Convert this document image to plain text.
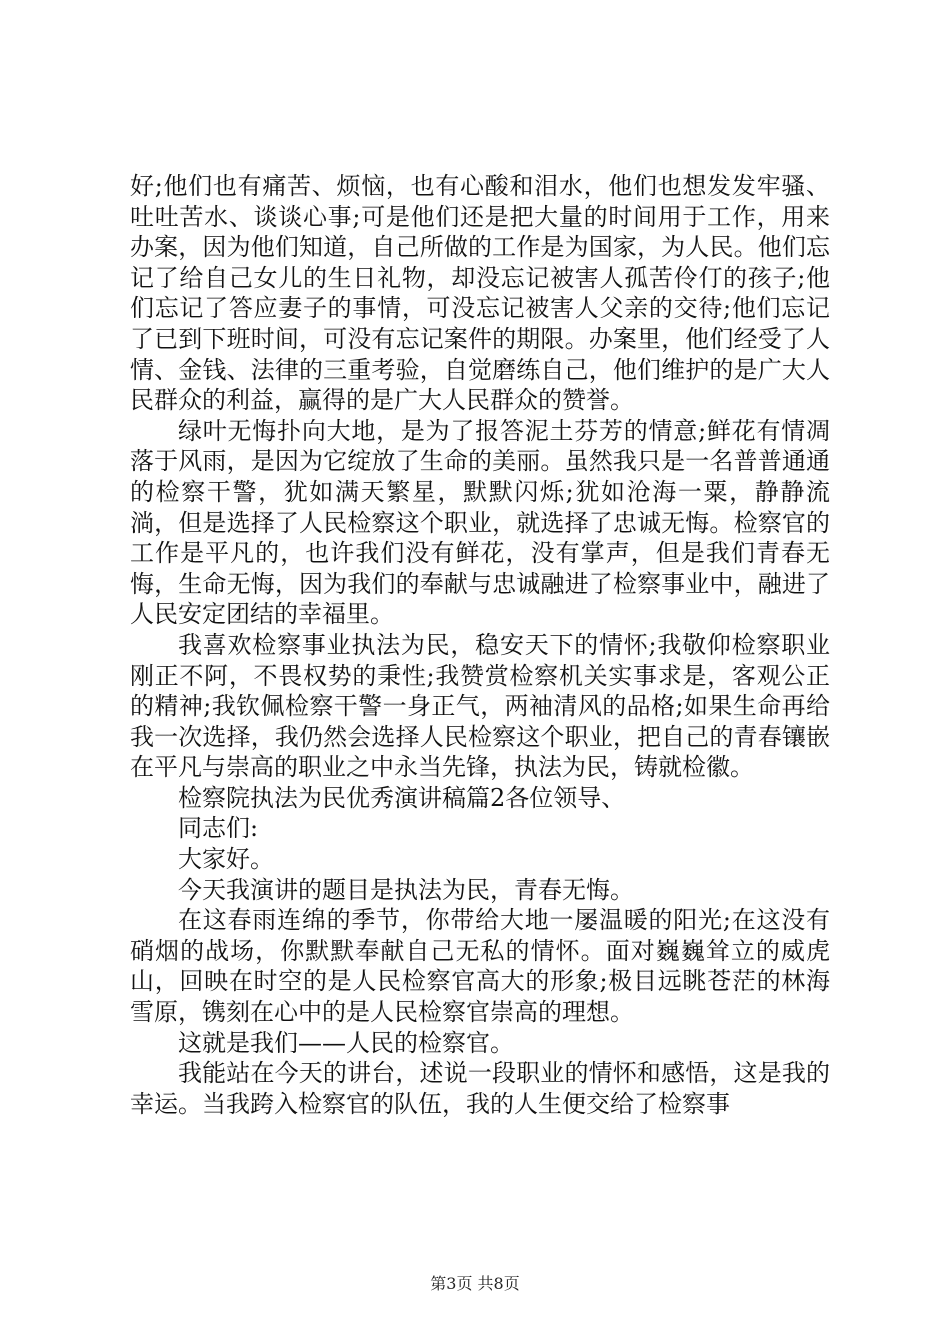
好;他们也有痛苦、烦恼，也有心酸和泪水，他们也想发发牢骚、吐吐苦水、谈谈心事;可是他们还是把大量的时间用于工作，用来办案，因为他们知道，自己所做的工作是为国家，为人民。他们忘记了给自己女儿的生日礼物，却没忘记被害人孤苦伶仃的孩子;他们忘记了答应妻子的事情，可没忘记被害人父亲的交待;他们忘记了已到下班时间，可没有忘记案件的期限。办案里，他们经受了人情、金钱、法律的三重考验，自觉磨练自己，他们维护的是广大人民群众的利益，赢得的是广大人民群众的赞誉。

绿叶无悔扑向大地，是为了报答泥土芬芳的情意;鲜花有情凋落于风雨，是因为它绽放了生命的美丽。虽然我只是一名普普通通的检察干警，犹如满天繁星，默默闪烁;犹如沧海一粟，静静流淌，但是选择了人民检察这个职业，就选择了忠诚无悔。检察官的工作是平凡的，也许我们没有鲜花，没有掌声，但是我们青春无悔，生命无悔，因为我们的奉献与忠诚融进了检察事业中，融进了人民安定团结的幸福里。

我喜欢检察事业执法为民，稳安天下的情怀;我敬仰检察职业刚正不阿，不畏权势的秉性;我赞赏检察机关实事求是，客观公正的精神;我钦佩检察干警一身正气，两袖清风的品格;如果生命再给我一次选择，我仍然会选择人民检察这个职业，把自己的青春镶嵌在平凡与崇高的职业之中永当先锋，执法为民，铸就检徽。

检察院执法为民优秀演讲稿篇2各位领导、

同志们:

大家好。

今天我演讲的题目是执法为民，青春无悔。

在这春雨连绵的季节，你带给大地一屡温暖的阳光;在这没有硝烟的战场，你默默奉献自己无私的情怀。面对巍巍耸立的威虎山，回映在时空的是人民检察官高大的形象;极目远眺苍茫的林海雪原，镌刻在心中的是人民检察官崇高的理想。

这就是我们——人民的检察官。

我能站在今天的讲台，述说一段职业的情怀和感悟，这是我的幸运。当我跨入检察官的队伍，我的人生便交给了检察事

第3页 共8页
